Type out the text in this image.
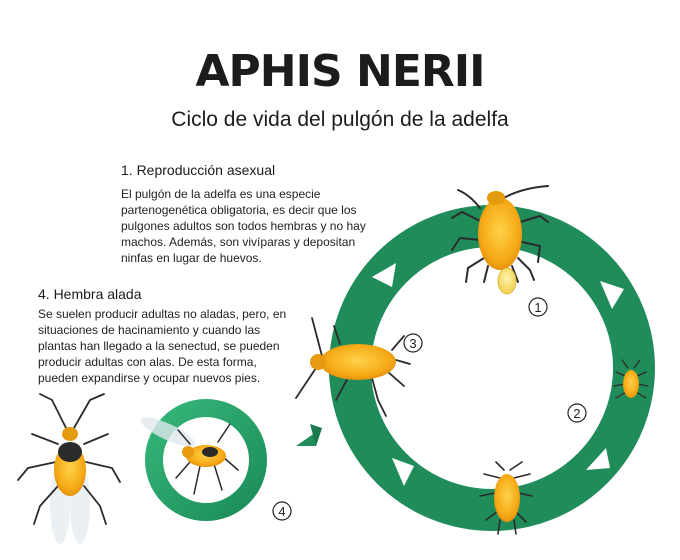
APHIS NERII
Ciclo de vida del pulgón de la adelfa
1. Reproducción asexual
El pulgón de la adelfa es una especie partenogenética obligatoria, es decir que los pulgones adultos son todos hembras y no hay machos. Además, son vivíparas y depositan ninfas en lugar de huevos.
4. Hembra alada
Se suelen producir adultas no aladas, pero, en situaciones de hacinamiento y cuando las plantas han llegado a la senectud, se pueden producir adultas con alas. De esta forma, pueden expandirse y ocupar nuevos pies.
1
2
3
4
